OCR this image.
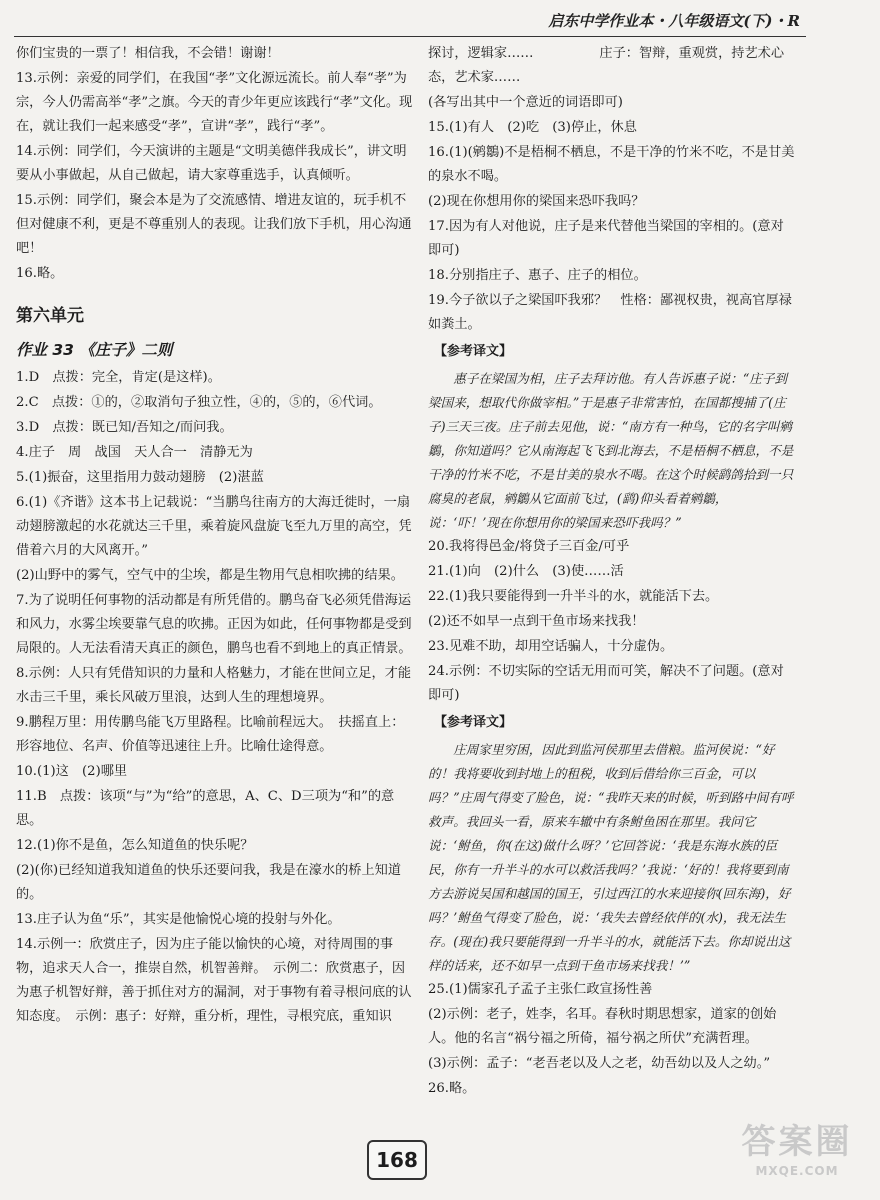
启东中学作业本・八年级语文(下)・R

你们宝贵的一票了！相信我，不会错！谢谢！

13.示例：亲爱的同学们，在我国“孝”文化源远流长。前人奉“孝”为宗，今人仍需高举“孝”之旗。今天的青少年更应该践行“孝”文化。现在，就让我们一起来感受“孝”，宣讲“孝”，践行“孝”。

14.示例：同学们，今天演讲的主题是“文明美德伴我成长”，讲文明要从小事做起，从自己做起，请大家尊重选手，认真倾听。

15.示例：同学们，聚会本是为了交流感情、增进友谊的，玩手机不但对健康不利，更是不尊重别人的表现。让我们放下手机，用心沟通吧！

16.略。

第六单元
作业 33 《庄子》二则

1.D　点拨：完全，肯定(是这样)。

2.C　点拨：①的，②取消句子独立性，④的，⑤的，⑥代词。

3.D　点拨：既已知/吾知之/而问我。

4.庄子　周　战国　天人合一　清静无为

5.(1)振奋，这里指用力鼓动翅膀　(2)湛蓝

6.(1)《齐谐》这本书上记载说：“当鹏鸟往南方的大海迁徙时，一扇动翅膀激起的水花就达三千里，乘着旋风盘旋飞至九万里的高空，凭借着六月的大风离开。”

(2)山野中的雾气，空气中的尘埃，都是生物用气息相吹拂的结果。

7.为了说明任何事物的活动都是有所凭借的。鹏鸟奋飞必须凭借海运和风力，水雾尘埃要靠气息的吹拂。正因为如此，任何事物都是受到局限的。人无法看清天真正的颜色，鹏鸟也看不到地上的真正情景。

8.示例：人只有凭借知识的力量和人格魅力，才能在世间立足，才能水击三千里，乘长风破万里浪，达到人生的理想境界。

9.鹏程万里：用传鹏鸟能飞万里路程。比喻前程远大。　扶摇直上：形容地位、名声、价值等迅速往上升。比喻仕途得意。

10.(1)这　(2)哪里

11.B　点拨：该项“与”为“给”的意思，A、C、D三项为“和”的意思。

12.(1)你不是鱼，怎么知道鱼的快乐呢？

(2)(你)已经知道我知道鱼的快乐还要问我，我是在濠水的桥上知道的。

13.庄子认为鱼“乐”，其实是他愉悦心境的投射与外化。

14.示例一：欣赏庄子，因为庄子能以愉快的心境，对待周围的事物，追求天人合一，推崇自然，机智善辩。　示例二：欣赏惠子，因为惠子机智好辩，善于抓住对方的漏洞，对于事物有着寻根问底的认知态度。　示例：惠子：好辩，重分析，理性，寻根究底，重知识

探讨，逻辑家……　　　　　庄子：智辩，重观赏，持艺术心态，艺术家……

(各写出其中一个意近的词语即可)

15.(1)有人　(2)吃　(3)停止，休息

16.(1)(鹓鶵)不是梧桐不栖息，不是干净的竹米不吃，不是甘美的泉水不喝。

(2)现在你想用你的梁国来恐吓我吗？

17.因为有人对他说，庄子是来代替他当梁国的宰相的。(意对即可)

18.分别指庄子、惠子、庄子的相位。

19.今子欲以子之梁国吓我邪？　性格：鄙视权贵，视高官厚禄如粪土。

【参考译文】

惠子在梁国为相，庄子去拜访他。有人告诉惠子说：“庄子到梁国来，想取代你做宰相。”于是惠子非常害怕，在国都搜捕了(庄子)三天三夜。庄子前去见他，说：“南方有一种鸟，它的名字叫鹓鶵，你知道吗？它从南海起飞飞到北海去，不是梧桐不栖息，不是干净的竹米不吃，不是甘美的泉水不喝。在这个时候鹞鸽拾到一只腐臭的老鼠，鹓鶵从它面前飞过，(鹞)仰头看着鹓鶵，说：‘吓！’现在你想用你的梁国来恐吓我吗？”

20.我将得邑金/将贷子三百金/可乎

21.(1)向　(2)什么　(3)使……活

22.(1)我只要能得到一升半斗的水，就能活下去。

(2)还不如早一点到干鱼市场来找我！

23.见难不助，却用空话骗人，十分虚伪。

24.示例：不切实际的空话无用而可笑，解决不了问题。(意对即可)

【参考译文】

庄周家里穷困，因此到监河侯那里去借粮。监河侯说：“好的！我将要收到封地上的租税，收到后借给你三百金，可以吗？”庄周气得变了脸色，说：“我昨天来的时候，听到路中间有呼救声。我回头一看，原来车辙中有条鲋鱼困在那里。我问它说：‘鲋鱼，你(在这)做什么呀？’它回答说：‘我是东海水族的臣民，你有一升半斗的水可以救活我吗？’我说：‘好的！我将要到南方去游说吴国和越国的国王，引过西江的水来迎接你(回东海)，好吗？’鲋鱼气得变了脸色，说：‘我失去曾经依伴的(水)，我无法生存。(现在)我只要能得到一升半斗的水，就能活下去。你却说出这样的话来，还不如早一点到干鱼市场来找我！’”

25.(1)儒家孔子孟子主张仁政宣扬性善

(2)示例：老子，姓李，名耳。春秋时期思想家，道家的创始人。他的名言“祸兮福之所倚，福兮祸之所伏”充满哲理。

(3)示例：孟子：“老吾老以及人之老，幼吾幼以及人之幼。”

26.略。

168	答案圈
MXQE.COM
